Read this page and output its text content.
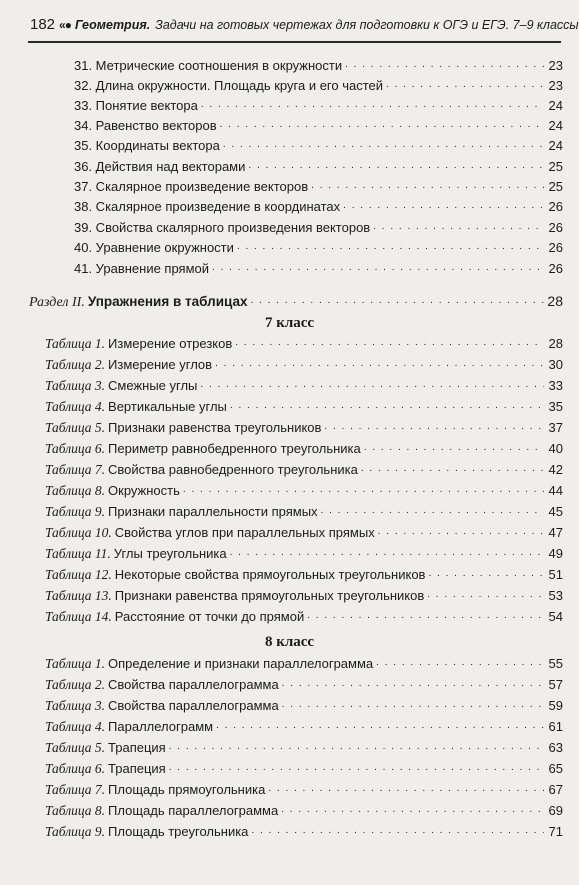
182 «● Геометрия. Задачи на готовых чертежах для подготовки к ОГЭ и ЕГЭ. 7–9 классы
31. Метрические соотношения в окружности . . .	23
32. Длина окружности. Площадь круга и его частей . . .	23
33. Понятие вектора . . .	24
34. Равенство векторов . . .	24
35. Координаты вектора . . .	24
36. Действия над векторами . . .	25
37. Скалярное произведение векторов . . .	25
38. Скалярное произведение в координатах . . .	26
39. Свойства скалярного произведения векторов . . .	26
40. Уравнение окружности . . .	26
41. Уравнение прямой . . .	26
Раздел II. Упражнения в таблицах . . .	28
7 класс
Таблица 1. Измерение отрезков . . .	28
Таблица 2. Измерение углов . . .	30
Таблица 3. Смежные углы . . .	33
Таблица 4. Вертикальные углы . . .	35
Таблица 5. Признаки равенства треугольников . . .	37
Таблица 6. Периметр равнобедренного треугольника . . .	40
Таблица 7. Свойства равнобедренного треугольника . . .	42
Таблица 8. Окружность . . .	44
Таблица 9. Признаки параллельности прямых . . .	45
Таблица 10. Свойства углов при параллельных прямых . . .	47
Таблица 11. Углы треугольника . . .	49
Таблица 12. Некоторые свойства прямоугольных треугольников . . .	51
Таблица 13. Признаки равенства прямоугольных треугольников . . .	53
Таблица 14. Расстояние от точки до прямой . . .	54
8 класс
Таблица 1. Определение и признаки параллелограмма . . .	55
Таблица 2. Свойства параллелограмма . . .	57
Таблица 3. Свойства параллелограмма . . .	59
Таблица 4. Параллелограмм . . .	61
Таблица 5. Трапеция . . .	63
Таблица 6. Трапеция . . .	65
Таблица 7. Площадь прямоугольника . . .	67
Таблица 8. Площадь параллелограмма . . .	69
Таблица 9. Площадь треугольника . . .	71
